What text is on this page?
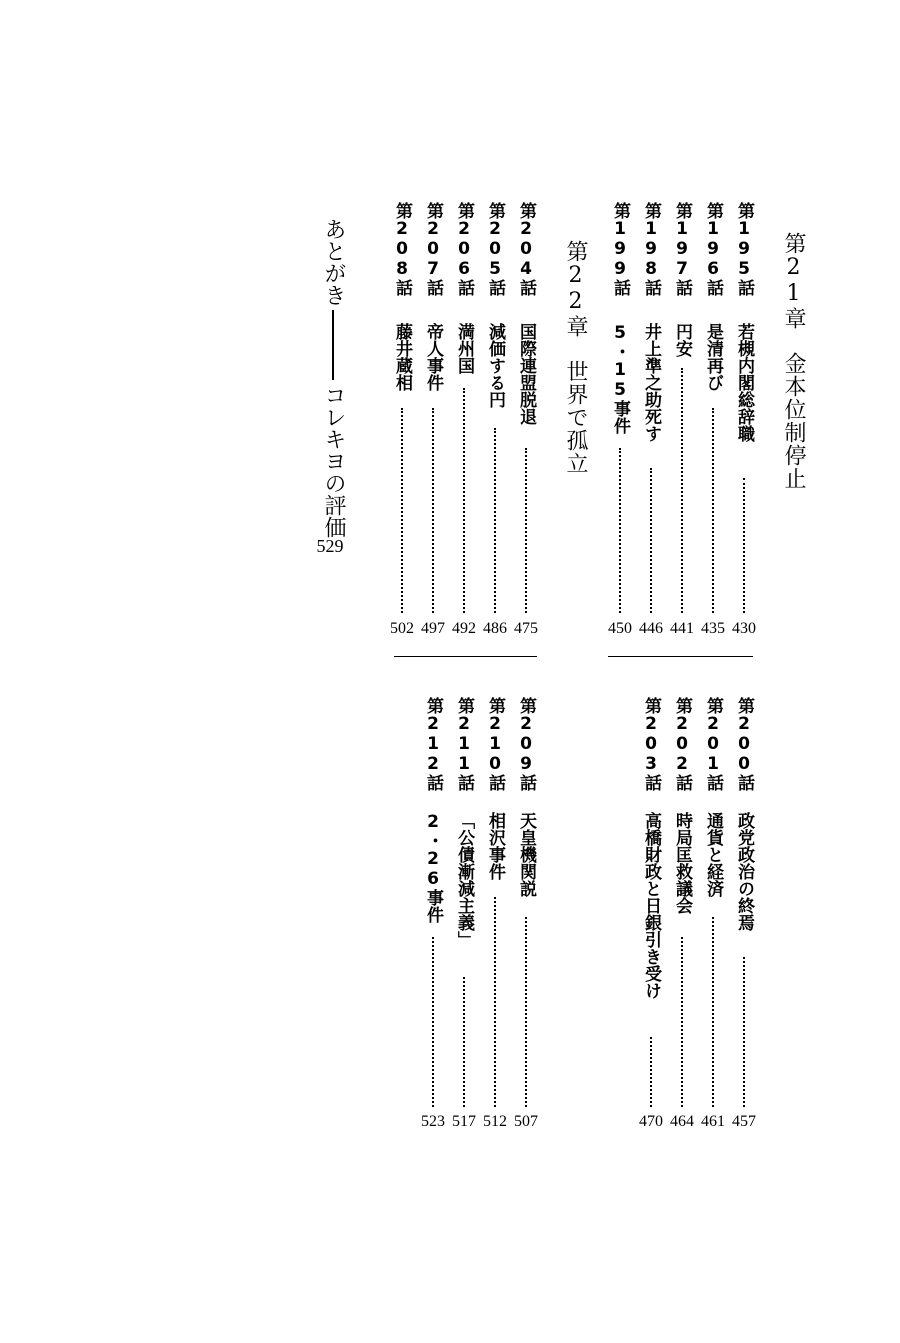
第21章金本位制停止
第22章世界で孤立
第195話
若槻内閣総辞職
430
第196話
是清再び
435
第197話
円安
441
第198話
井上準之助死す
446
第199話
5・15事件
450
第204話
国際連盟脱退
475
第205話
減価する円
486
第206話
満州国
492
第207話
帝人事件
497
第208話
藤井蔵相
502
あとがきコレキヨの評価
529
第200話
政党政治の終焉
457
第201話
通貨と経済
461
第202話
時局匡救議会
464
第203話
高橋財政と日銀引き受け
470
第209話
天皇機関説
507
第210話
相沢事件
512
第211話
「公債漸減主義」
517
第212話
2・26事件
523
